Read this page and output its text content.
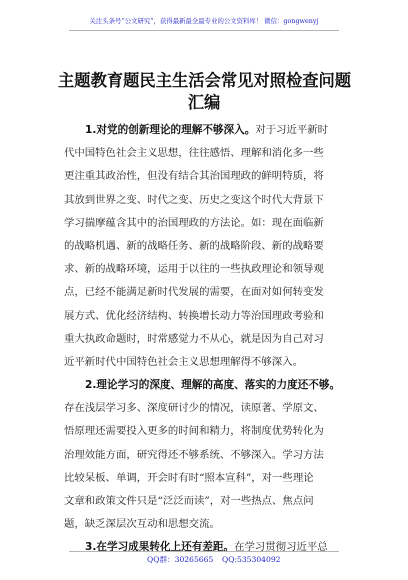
关注头条号“公文研究”，获得最新最全最专业的公文资料库！ 微信：gongwenyj
主题教育题民主生活会常见对照检查问题
汇编
1.对党的创新理论的理解不够深入。对于习近平新时
代中国特色社会主义思想，往往感悟、理解和消化多一些
更注重其政治性，但没有结合其治国理政的鲜明特质，将
其放到世界之变、时代之变、历史之变这个时代大背景下
学习揣摩蕴含其中的治国理政的方法论。如：现在面临新
的战略机遇、新的战略任务、新的战略阶段、新的战略要
求、新的战略环境，运用于以往的一些执政理论和领导观
点，已经不能满足新时代发展的需要，在面对如何转变发
展方式、优化经济结构、转换增长动力等治国理政考验和
重大执政命题时，时常感觉力不从心，就是因为自己对习
近平新时代中国特色社会主义思想理解得不够深入。
2.理论学习的深度、理解的高度、落实的力度还不够。
存在浅层学习多、深度研讨少的情况，读原著、学原文、
悟原理还需要投入更多的时间和精力，将制度优势转化为
治理效能方面，研究得还不够系统、不够深入。学习方法
比较呆板、单调，开会时有时“照本宣科”，对一些理论
文章和政策文件只是“泛泛而读”，对一些热点、焦点问
题，缺乏深层次互动和思想交流。
3.在学习成果转化上还有差距。在学习贯彻习近平总
QQ群：30265665 QQ:535304092
